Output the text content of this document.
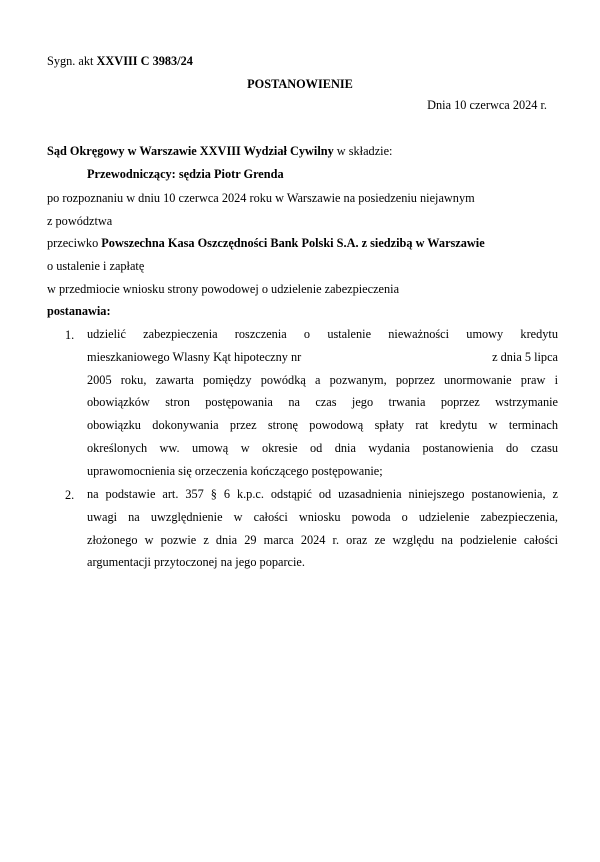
Sygn. akt XXVIII C 3983/24
POSTANOWIENIE
Dnia 10 czerwca 2024 r.
Sąd Okręgowy w Warszawie XXVIII Wydział Cywilny w składzie:
Przewodniczący: sędzia Piotr Grenda
po rozpoznaniu w dniu 10 czerwca 2024 roku w Warszawie na posiedzeniu niejawnym
z powództwa
przeciwko Powszechna Kasa Oszczędności Bank Polski S.A. z siedzibą w Warszawie
o ustalenie i zapłatę
w przedmiocie wniosku strony powodowej o udzielenie zabezpieczenia
postanawia:
1. udzielić zabezpieczenia roszczenia o ustalenie nieważności umowy kredytu
mieszkaniowego Wlasny Kąt hipoteczny nr	z dnia 5 lipca
2005 roku, zawarta pomiędzy powódką a pozwanym, poprzez unormowanie praw i
obowiązków stron postępowania na czas jego trwania poprzez wstrzymanie
obowiązku dokonywania przez stronę powodową spłaty rat kredytu w terminach
określonych ww. umową w okresie od dnia wydania postanowienia do czasu
uprawomocnienia się orzeczenia kończącego postępowanie;
2. na podstawie art. 357 § 6 k.p.c. odstąpić od uzasadnienia niniejszego postanowienia, z
uwagi na uwzględnienie w całości wniosku powoda o udzielenie zabezpieczenia,
złożonego w pozwie z dnia 29 marca 2024 r. oraz ze względu na podzielenie całości
argumentacji przytoczonej na jego poparcie.
